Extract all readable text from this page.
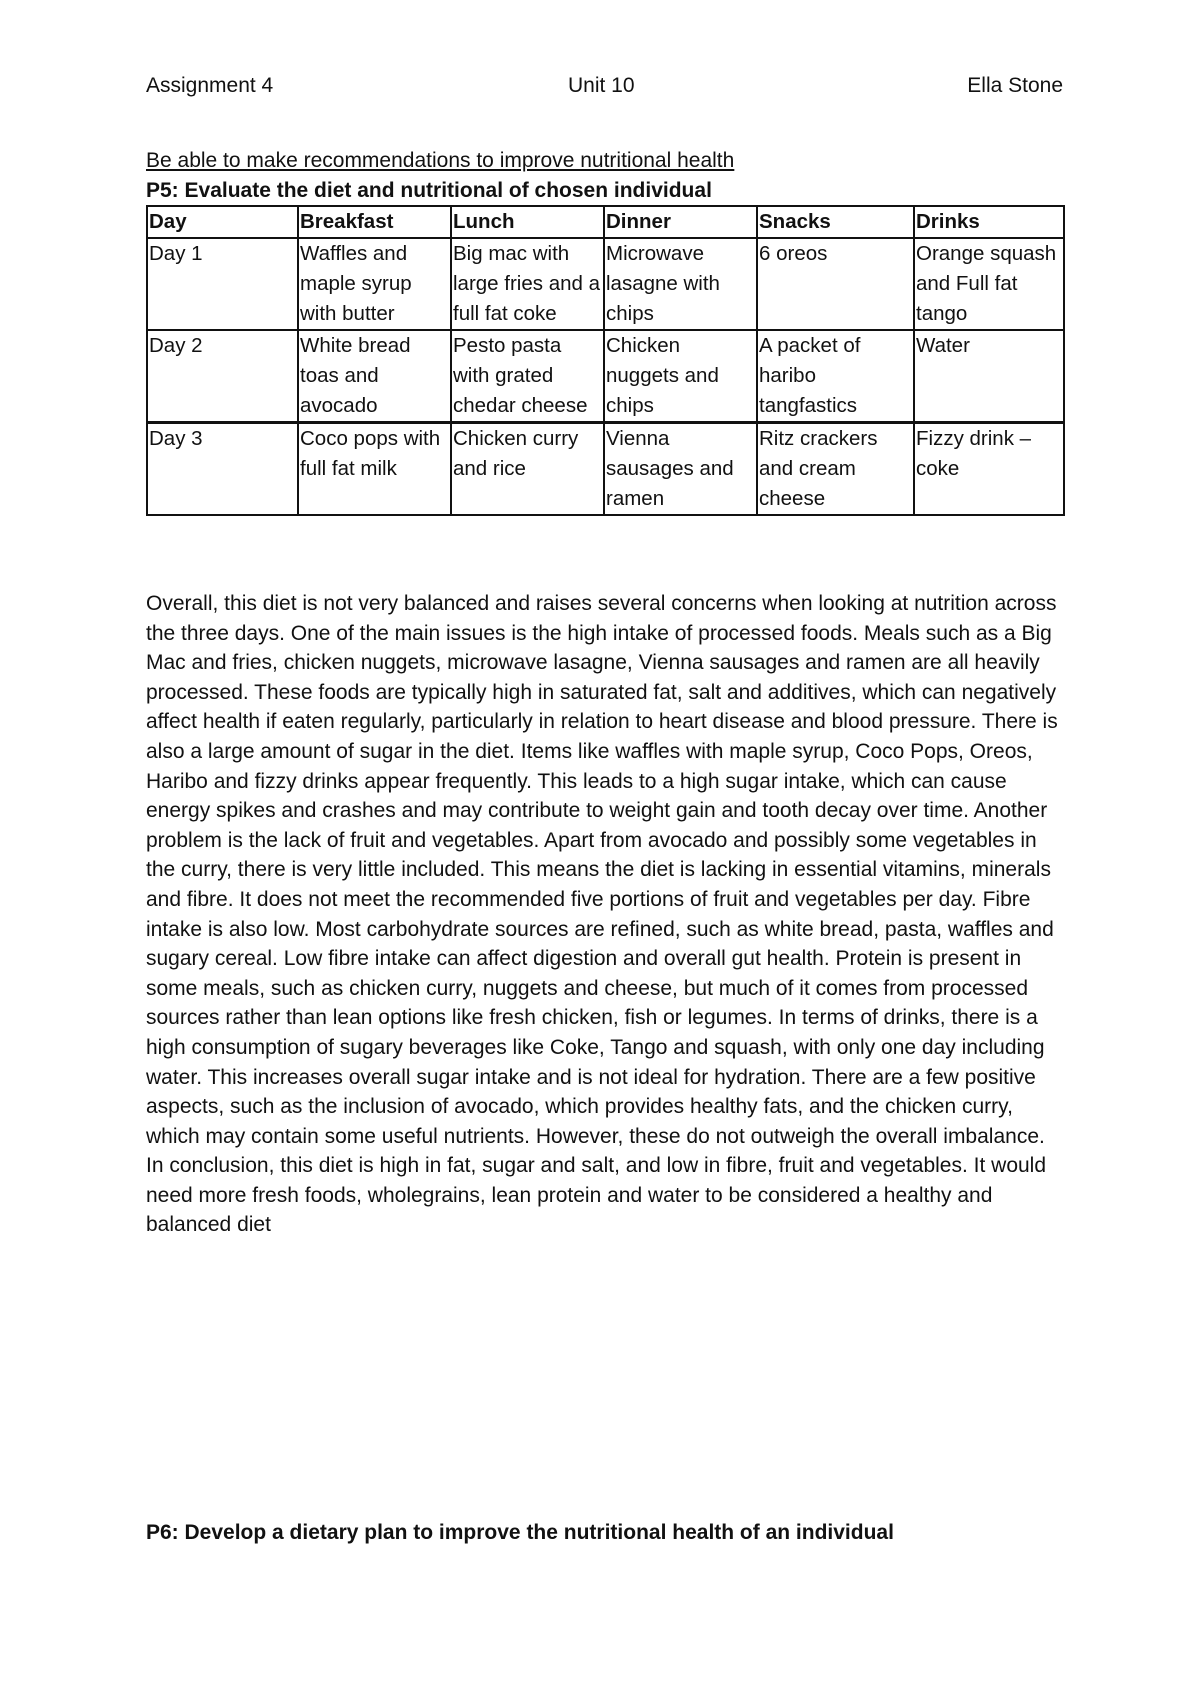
Assignment 4	Unit 10	Ella Stone
Be able to make recommendations to improve nutritional health
P5: Evaluate the diet and nutritional of chosen individual
Day	Breakfast	Lunch	Dinner	Snacks	Drinks
Day 1	Waffles and maple syrup with butter	Big mac with large fries and a full fat coke	Microwave lasagne with chips	6 oreos	Orange squash and Full fat tango
Day 2	White bread toas and avocado	Pesto pasta with grated chedar cheese	Chicken nuggets and chips	A packet of haribo tangfastics	Water
Day 3	Coco pops with full fat milk	Chicken curry and rice	Vienna sausages and ramen	Ritz crackers and cream cheese	Fizzy drink – coke

Overall, this diet is not very balanced and raises several concerns when looking at nutrition across the three days. One of the main issues is the high intake of processed foods. Meals such as a Big Mac and fries, chicken nuggets, microwave lasagne, Vienna sausages and ramen are all heavily processed. These foods are typically high in saturated fat, salt and additives, which can negatively affect health if eaten regularly, particularly in relation to heart disease and blood pressure. There is also a large amount of sugar in the diet. Items like waffles with maple syrup, Coco Pops, Oreos, Haribo and fizzy drinks appear frequently. This leads to a high sugar intake, which can cause energy spikes and crashes and may contribute to weight gain and tooth decay over time. Another problem is the lack of fruit and vegetables. Apart from avocado and possibly some vegetables in the curry, there is very little included. This means the diet is lacking in essential vitamins, minerals and fibre. It does not meet the recommended five portions of fruit and vegetables per day. Fibre intake is also low. Most carbohydrate sources are refined, such as white bread, pasta, waffles and sugary cereal. Low fibre intake can affect digestion and overall gut health. Protein is present in some meals, such as chicken curry, nuggets and cheese, but much of it comes from processed sources rather than lean options like fresh chicken, fish or legumes. In terms of drinks, there is a high consumption of sugary beverages like Coke, Tango and squash, with only one day including water. This increases overall sugar intake and is not ideal for hydration. There are a few positive aspects, such as the inclusion of avocado, which provides healthy fats, and the chicken curry, which may contain some useful nutrients. However, these do not outweigh the overall imbalance. In conclusion, this diet is high in fat, sugar and salt, and low in fibre, fruit and vegetables. It would need more fresh foods, wholegrains, lean protein and water to be considered a healthy and balanced diet

P6: Develop a dietary plan to improve the nutritional health of an individual
